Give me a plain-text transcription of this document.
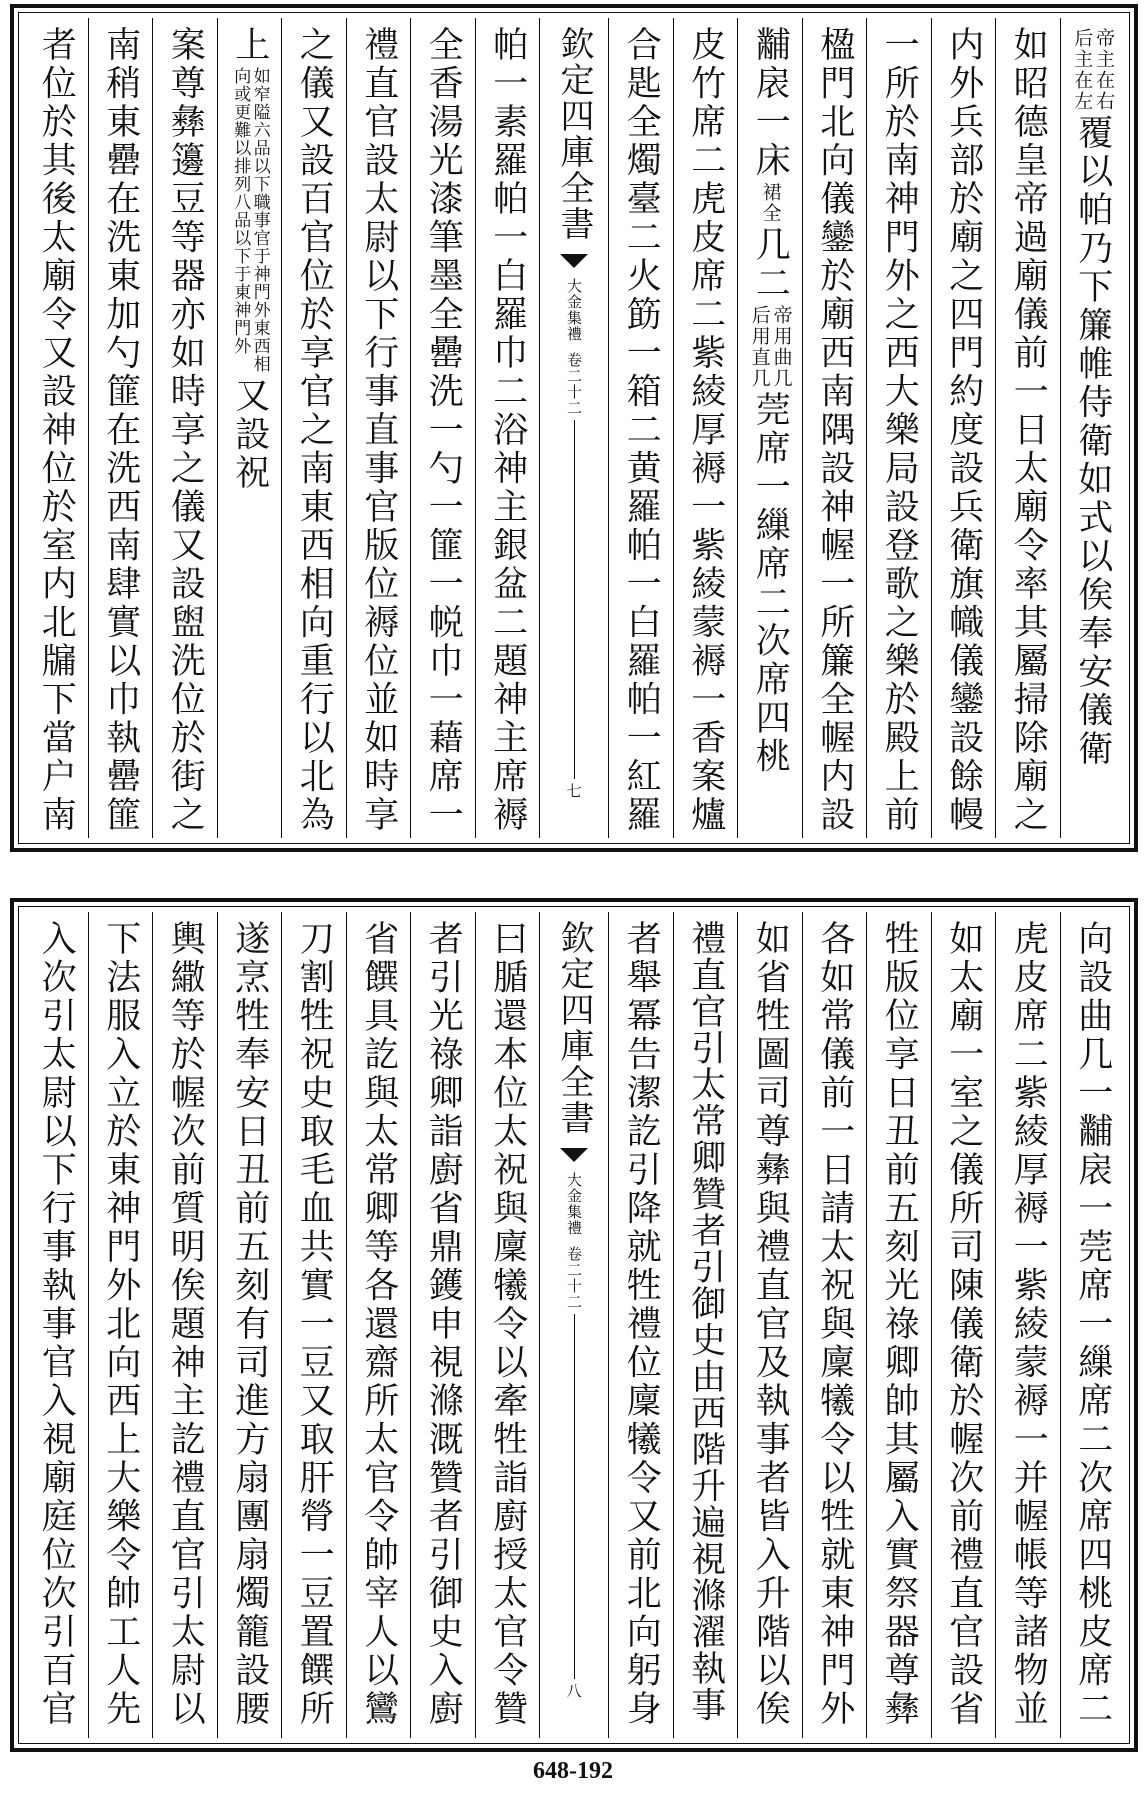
帝主在右
后主在左
覆以帕乃下簾帷侍衛如式以俟奉安儀衛
如昭德皇帝過廟儀前一日太廟令率其屬掃除廟之
内外兵部於廟之四門約度設兵衛旗幟儀鑾設餘幔
一所於南神門外之西大樂局設登歌之樂於殿上前
楹門北向儀鑾於廟西南隅設神幄一所簾全幄内設
黼扆一床
裙全
几二
帝用曲几
后用直几
莞席一繅席二次席四桃
皮竹席二虎皮席二紫綾厚褥一紫綾蒙褥一香案爐
合匙全燭臺二火筯一箱二黄羅帕一白羅帕一紅羅
欽定四庫全書
大金集禮
卷二十二
七
帕一素羅帕一白羅巾二浴神主銀盆二題神主席褥
全香湯光漆筆墨全罍洗一勺一篚一帨巾一藉席一
禮直官設太尉以下行事直事官版位褥位並如時享
之儀又設百官位於享官之南東西相向重行以北為
上
如窄隘六品以下職事官于神門外東西相
向或更難以排列八品以下于東神門外
又設祝
案尊彝籩豆等器亦如時享之儀又設盥洗位於街之
南稍東罍在洗東加勺篚在洗西南肆實以巾執罍篚
者位於其後太廟令又設神位於室内北牖下當户南
向設曲几一黼扆一莞席一繅席二次席四桃皮席二
虎皮席二紫綾厚褥一紫綾蒙褥一并幄帳等諸物並
如太廟一室之儀所司陳儀衛於幄次前禮直官設省
牲版位享日丑前五刻光祿卿帥其屬入實祭器尊彝
各如常儀前一日請太祝與廩犧令以牲就東神門外
如省牲圖司尊彝與禮直官及執事者皆入升階以俟
禮直官引太常卿贊者引御史由西階升遍視滌濯執事
者舉冪告潔訖引降就牲禮位廩犧令又前北向躬身
欽定四庫全書
大金集禮
卷二十二
八
曰腯還本位太祝與廩犧令以牽牲詣廚授太官令贊
者引光祿卿詣廚省鼎鑊申視滌溉贊者引御史入廚
省饌具訖與太常卿等各還齋所太官令帥宰人以鸞
刀割牲祝史取毛血共實一豆又取肝膋一豆置饌所
遂烹牲奉安日丑前五刻有司進方扇團扇燭籠設腰
輿繖等於幄次前質明俟題神主訖禮直官引太尉以
下法服入立於東神門外北向西上大樂令帥工人先
入次引太尉以下行事執事官入視廟庭位次引百官
648-192
